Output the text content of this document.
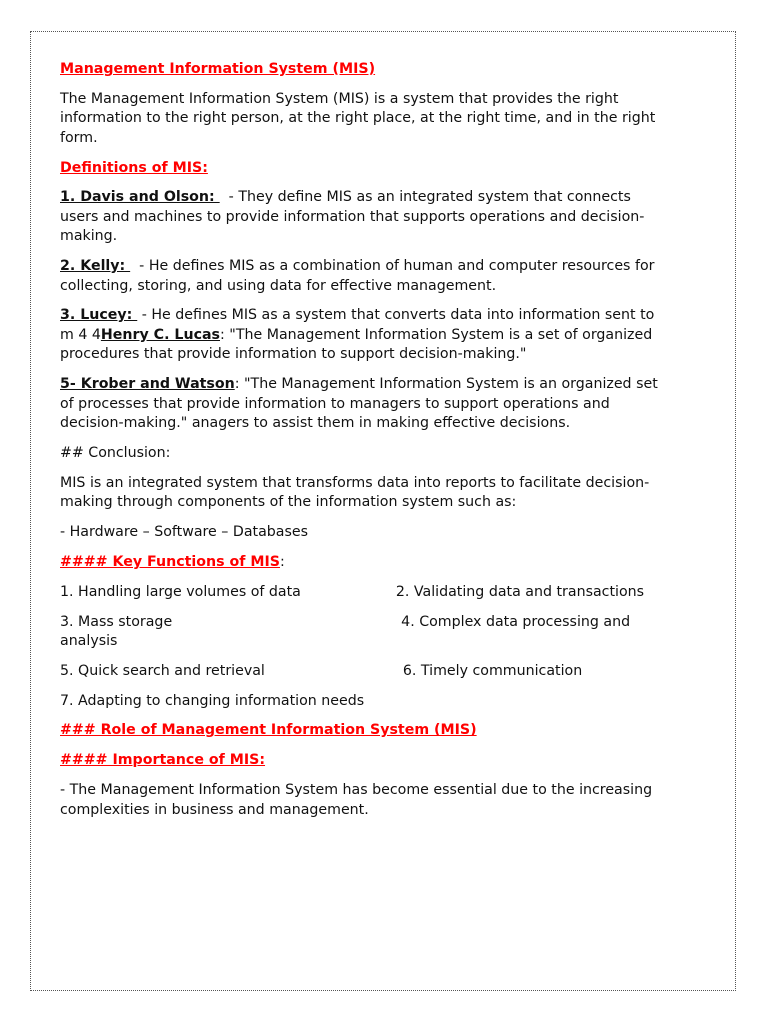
Management Information System (MIS)

The Management Information System (MIS) is a system that provides the right information to the right person, at the right place, at the right time, and in the right form.

Definitions of MIS:

1. Davis and Olson:   - They define MIS as an integrated system that connects users and machines to provide information that supports operations and decision-making.

2. Kelly:   - He defines MIS as a combination of human and computer resources for collecting, storing, and using data for effective management.

3. Lucey:  - He defines MIS as a system that converts data into information sent to m 4 4Henry C. Lucas: "The Management Information System is a set of organized procedures that provide information to support decision-making."

5- Krober and Watson: "The Management Information System is an organized set of processes that provide information to managers to support operations and decision-making." anagers to assist them in making effective decisions.

## Conclusion:

MIS is an integrated system that transforms data into reports to facilitate decision-making through components of the information system such as:

- Hardware – Software – Databases

#### Key Functions of MIS:

1. Handling large volumes of data	2. Validating data and transactions

3. Mass storage	4. Complex data processing and analysis

5. Quick search and retrieval	6. Timely communication

7. Adapting to changing information needs

### Role of Management Information System (MIS)

#### Importance of MIS:

- The Management Information System has become essential due to the increasing complexities in business and management.
